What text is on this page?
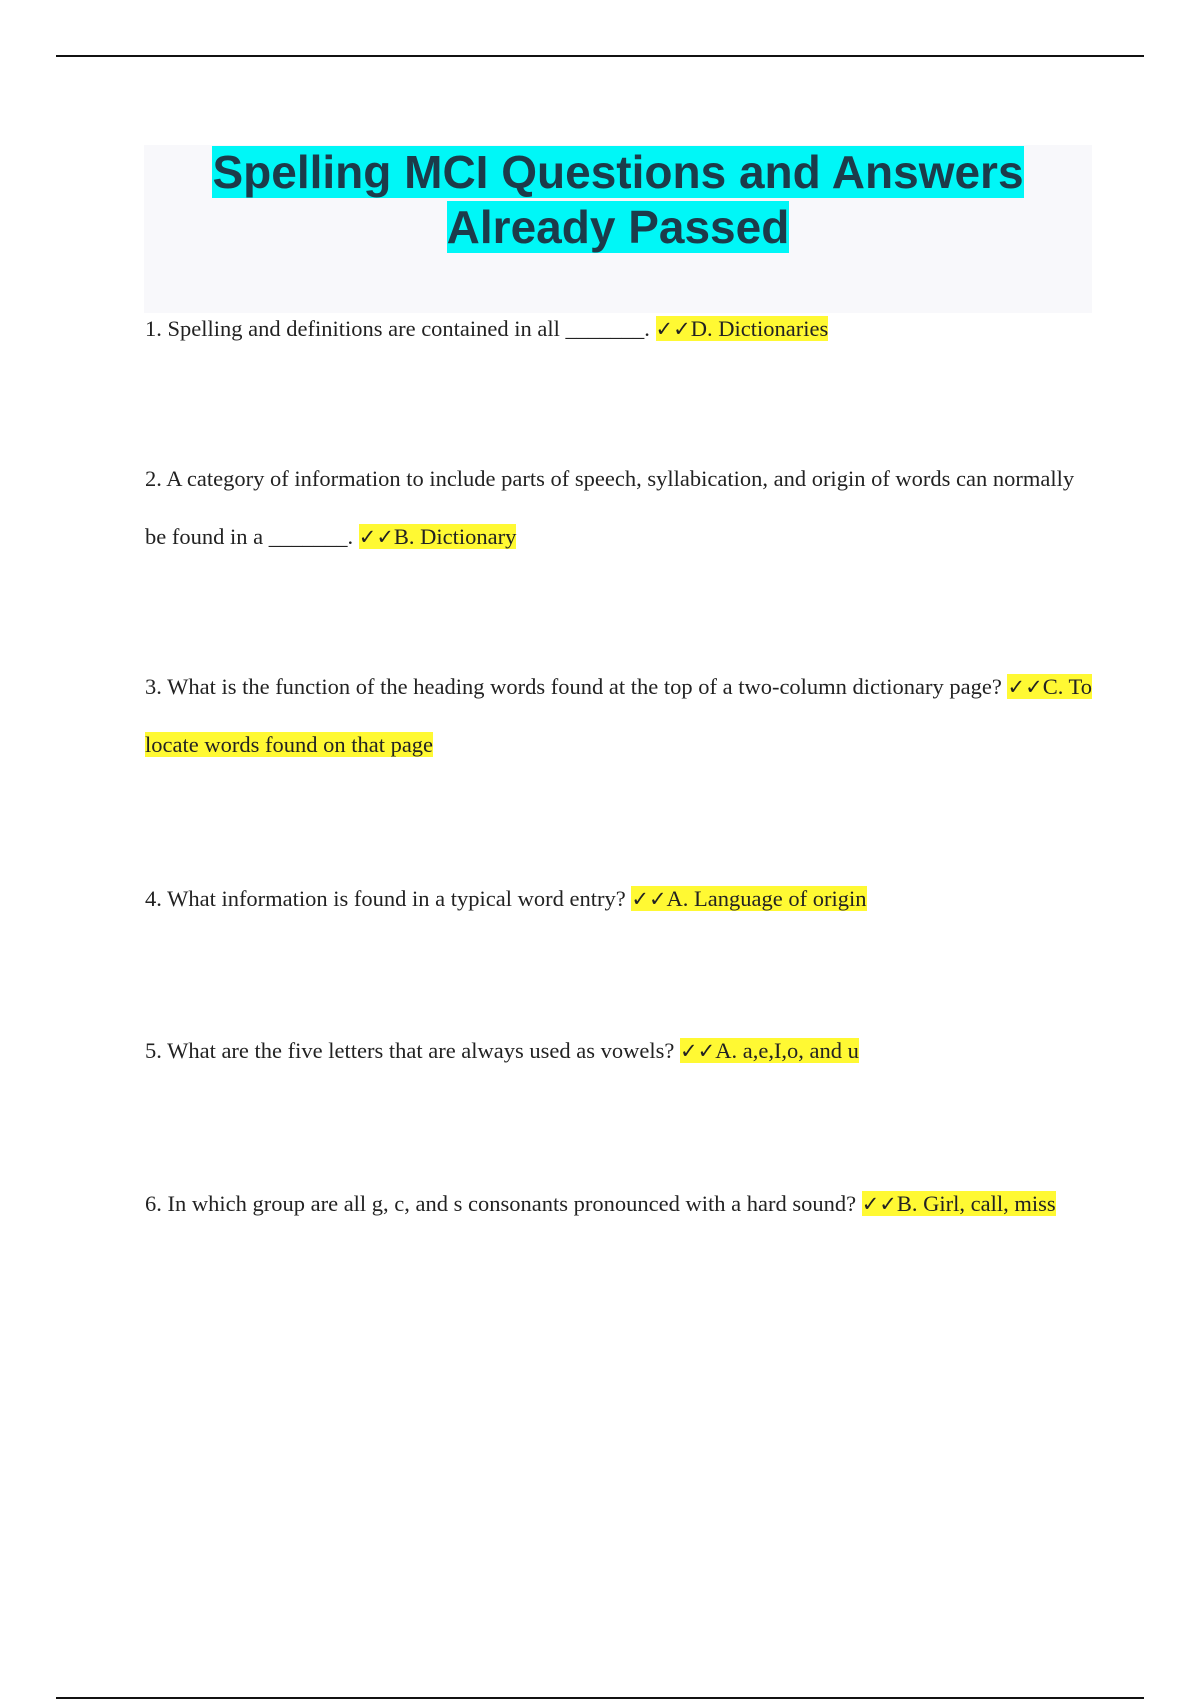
Spelling MCI Questions and Answers
Already Passed

1. Spelling and definitions are contained in all _______. ✓✓D. Dictionaries

2. A category of information to include parts of speech, syllabication, and origin of words can normally be found in a _______. ✓✓B. Dictionary

3. What is the function of the heading words found at the top of a two-column dictionary page? ✓✓C. To locate words found on that page

4. What information is found in a typical word entry? ✓✓A. Language of origin

5. What are the five letters that are always used as vowels? ✓✓A. a,e,I,o, and u

6. In which group are all g, c, and s consonants pronounced with a hard sound? ✓✓B. Girl, call, miss
